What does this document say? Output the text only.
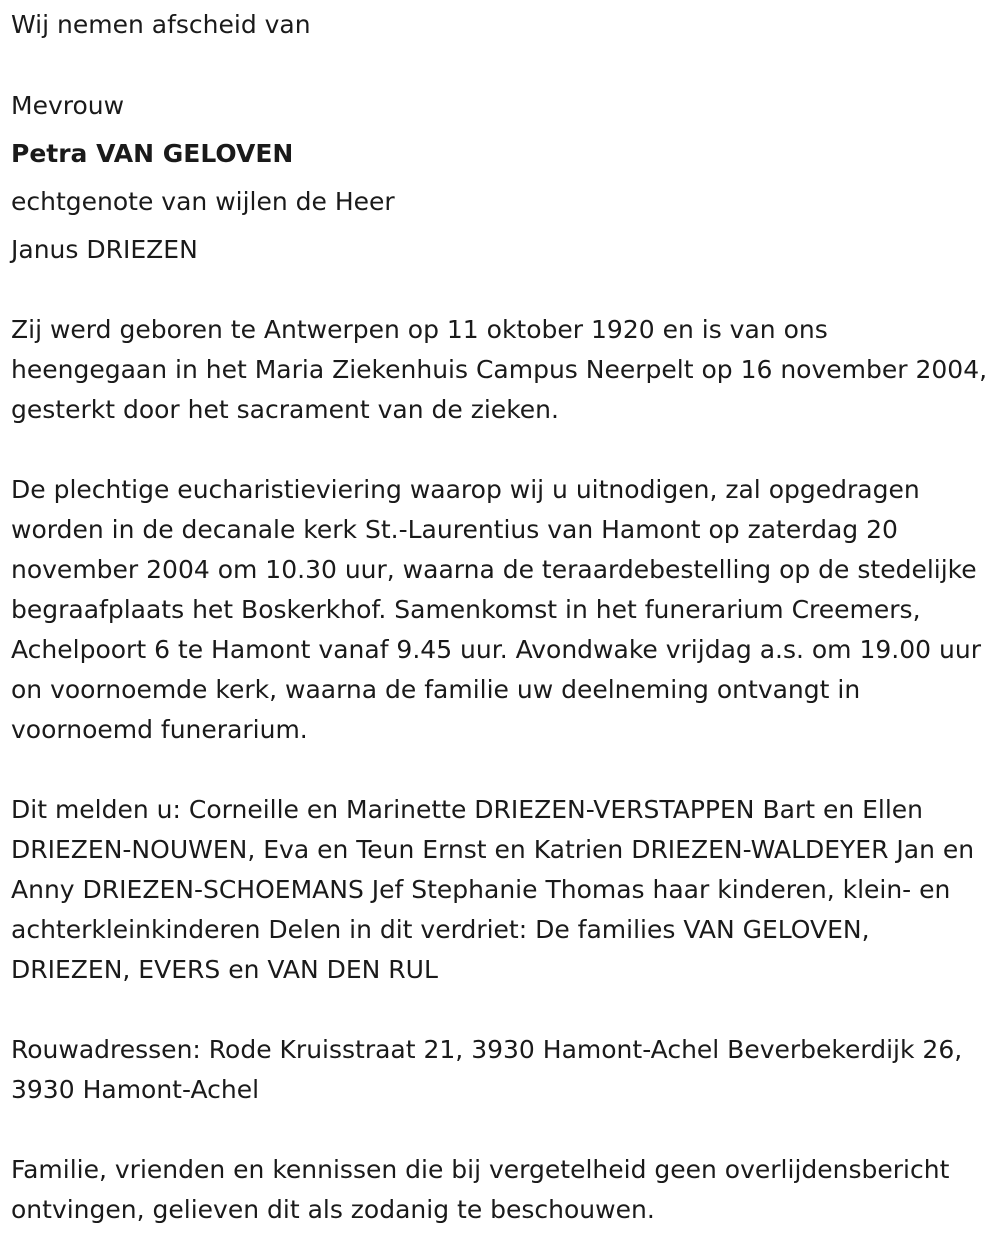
Wij nemen afscheid van
Mevrouw
Petra VAN GELOVEN
echtgenote van wijlen de Heer
Janus DRIEZEN

Zij werd geboren te Antwerpen op 11 oktober 1920 en is van ons heengegaan in het Maria Ziekenhuis Campus Neerpelt op 16 november 2004, gesterkt door het sacrament van de zieken.

De plechtige eucharistieviering waarop wij u uitnodigen, zal opgedragen worden in de decanale kerk St.-Laurentius van Hamont op zaterdag 20 november 2004 om 10.30 uur, waarna de teraardebestelling op de stedelijke begraafplaats het Boskerkhof. Samenkomst in het funerarium Creemers, Achelpoort 6 te Hamont vanaf 9.45 uur. Avondwake vrijdag a.s. om 19.00 uur on voornoemde kerk, waarna de familie uw deelneming ontvangt in voornoemd funerarium.

Dit melden u: Corneille en Marinette DRIEZEN-VERSTAPPEN Bart en Ellen DRIEZEN-NOUWEN, Eva en Teun Ernst en Katrien DRIEZEN-WALDEYER Jan en Anny DRIEZEN-SCHOEMANS Jef Stephanie Thomas haar kinderen, klein- en achterkleinkinderen Delen in dit verdriet: De families VAN GELOVEN, DRIEZEN, EVERS en VAN DEN RUL

Rouwadressen: Rode Kruisstraat 21, 3930 Hamont-Achel Beverbekerdijk 26, 3930 Hamont-Achel

Familie, vrienden en kennissen die bij vergetelheid geen overlijdensbericht ontvingen, gelieven dit als zodanig te beschouwen.
